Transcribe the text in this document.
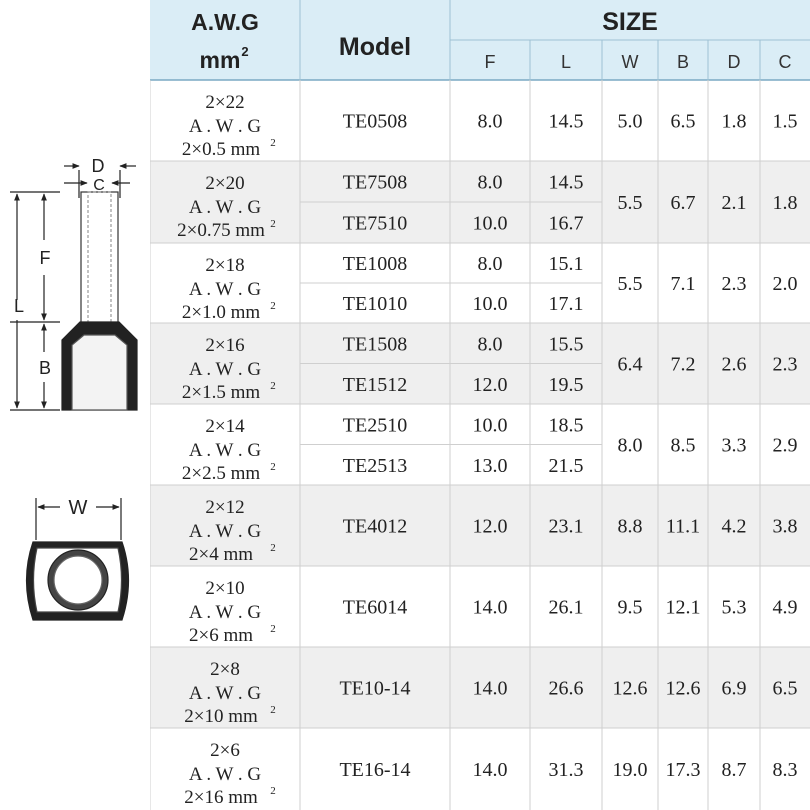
D
C
F
L
B
W
A.W.G
mm 2	Model
SIZE
F	L	W B D C
2×22
A . W . G
2×0.5 mm 2
TE0508	8.0 14.5 5.0 6.5 1.8 1.5
2×20
A . W . G
2×0.75 mm 2
TE7508	8.0 14.5
TE7510	10.0 16.7
5.5 6.7 2.1 1.8
2×18
A . W . G
2×1.0 mm 2
TE1008	8.0 15.1
TE1010	10.0 17.1
5.5 7.1 2.3 2.0
2×16
A . W . G
2×1.5 mm 2
TE1508	8.0 15.5
TE1512	12.0 19.5
6.4 7.2 2.6 2.3
2×14
A . W . G
2×2.5 mm 2
TE2510	10.0 18.5
TE2513	13.0 21.5
8.0 8.5 3.3 2.9
2×12
A . W . G
2×4 mm 2
TE4012	12.0 23.1 8.8 11.1 4.2 3.8
2×10
A . W . G
2×6 mm 2
TE6014	14.0 26.1 9.5 12.1 5.3 4.9
2×8
A . W . G
2×10 mm 2
TE10-14	14.0 26.6 12.6 12.6 6.9 6.5
2×6
A . W . G
2×16 mm 2
TE16-14	14.0 31.3 19.0 17.3 8.7 8.3
